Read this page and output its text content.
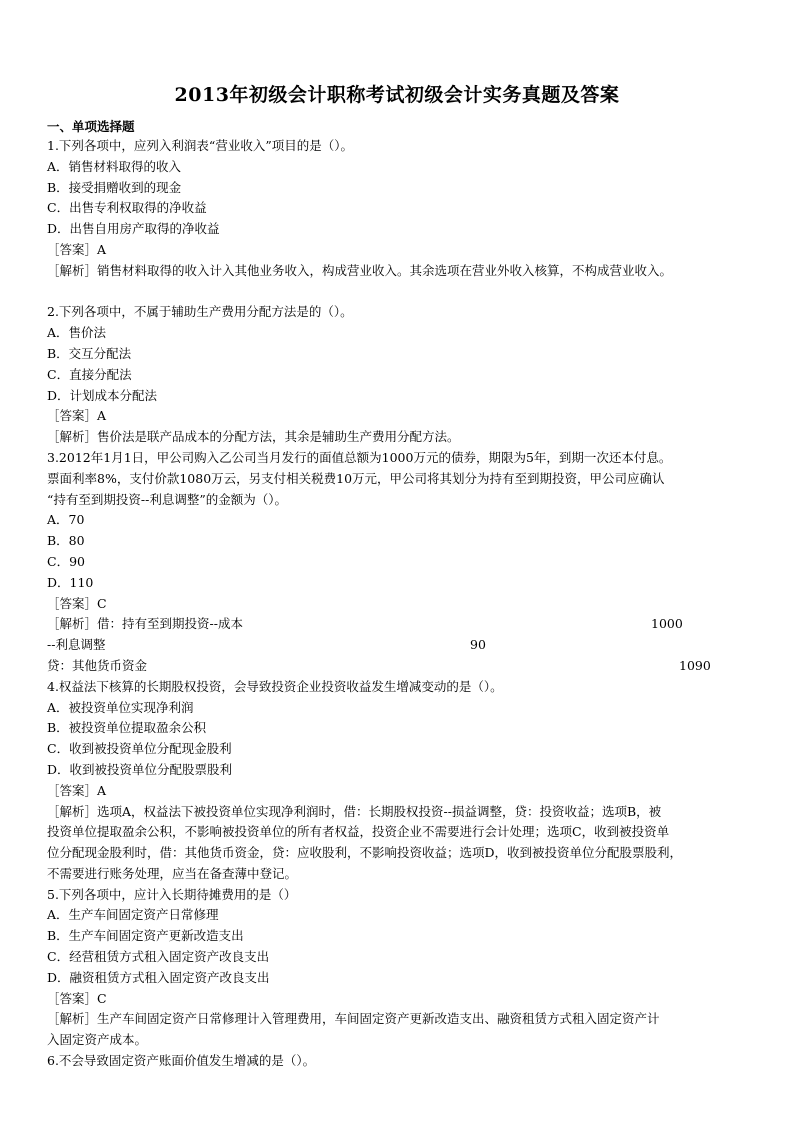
2013年初级会计职称考试初级会计实务真题及答案
一、单项选择题
1.下列各项中，应列入利润表“营业收入”项目的是（）。
A．销售材料取得的收入
B．接受捐赠收到的现金
C．出售专利权取得的净收益
D．出售自用房产取得的净收益
［答案］A
［解析］销售材料取得的收入计入其他业务收入，构成营业收入。其余选项在营业外收入核算，不构成营业收入。
2.下列各项中，不属于辅助生产费用分配方法是的（）。
A．售价法
B．交互分配法
C．直接分配法
D．计划成本分配法
［答案］A
［解析］售价法是联产品成本的分配方法，其余是辅助生产费用分配方法。
3.2012年1月1日，甲公司购入乙公司当月发行的面值总额为1000万元的债券，期限为5年，到期一次还本付息。
票面利率8%，支付价款1080万云，另支付相关税费10万元，甲公司将其划分为持有至到期投资，甲公司应确认
“持有至到期投资--利息调整”的金额为（）。
A．70
B．80
C．90
D．110
［答案］C
［解析］借：持有至到期投资--成本	1000
--利息调整	90
贷：其他货币资金	1090
4.权益法下核算的长期股权投资，会导致投资企业投资收益发生增减变动的是（）。
A．被投资单位实现净利润
B．被投资单位提取盈余公积
C．收到被投资单位分配现金股利
D．收到被投资单位分配股票股利
［答案］A
［解析］选项A，权益法下被投资单位实现净利润时，借：长期股权投资--损益调整，贷：投资收益；选项B，被
投资单位提取盈余公积，不影响被投资单位的所有者权益，投资企业不需要进行会计处理；选项C，收到被投资单
位分配现金股利时，借：其他货币资金，贷：应收股利，不影响投资收益；选项D，收到被投资单位分配股票股利，
不需要进行账务处理，应当在备查薄中登记。
5.下列各项中，应计入长期待摊费用的是（）
A．生产车间固定资产日常修理
B．生产车间固定资产更新改造支出
C．经营租赁方式租入固定资产改良支出
D．融资租赁方式租入固定资产改良支出
［答案］C
［解析］生产车间固定资产日常修理计入管理费用，车间固定资产更新改造支出、融资租赁方式租入固定资产计
入固定资产成本。
6.不会导致固定资产账面价值发生增减的是（）。
